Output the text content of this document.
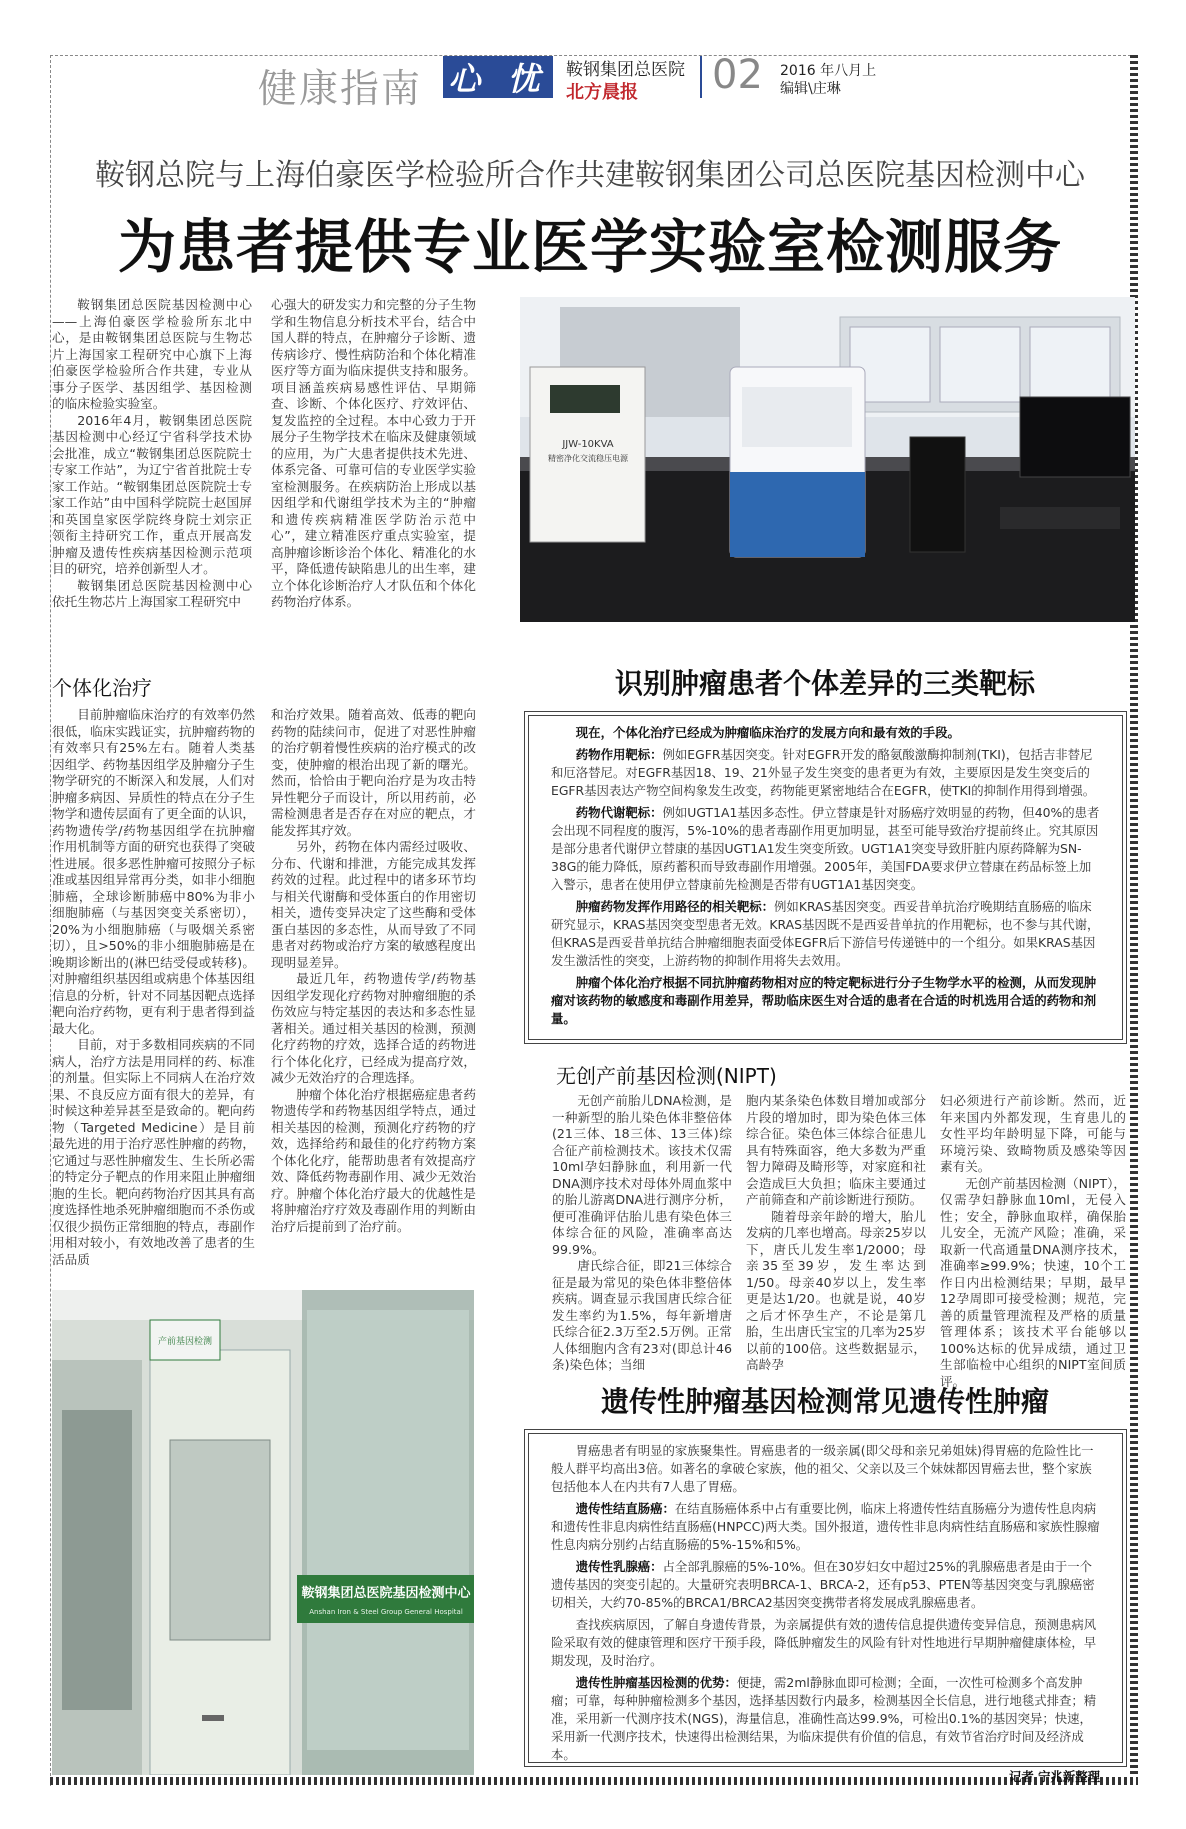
健康指南 心 忧 鞍钢集团总医院
北方晨报 02 2016 年八月上
编辑\庄琳
鞍钢总院与上海伯豪医学检验所合作共建鞍钢集团公司总医院基因检测中心
为患者提供专业医学实验室检测服务

鞍钢集团总医院基因检测中心——上海伯豪医学检验所东北中心，是由鞍钢集团总医院与生物芯片上海国家工程研究中心旗下上海伯豪医学检验所合作共建，专业从事分子医学、基因组学、基因检测的临床检验实验室。

2016年4月，鞍钢集团总医院基因检测中心经辽宁省科学技术协会批准，成立“鞍钢集团总医院院士专家工作站”，为辽宁省首批院士专家工作站。“鞍钢集团总医院院士专家工作站”由中国科学院院士赵国屏和英国皇家医学院终身院士刘宗正领衔主持研究工作，重点开展高发肿瘤及遗传性疾病基因检测示范项目的研究，培养创新型人才。

鞍钢集团总医院基因检测中心依托生物芯片上海国家工程研究中

心强大的研发实力和完整的分子生物学和生物信息分析技术平台，结合中国人群的特点，在肿瘤分子诊断、遗传病诊疗、慢性病防治和个体化精准医疗等方面为临床提供支持和服务。项目涵盖疾病易感性评估、早期筛查、诊断、个体化医疗、疗效评估、复发监控的全过程。本中心致力于开展分子生物学技术在临床及健康领域的应用，为广大患者提供技术先进、体系完备、可靠可信的专业医学实验室检测服务。在疾病防治上形成以基因组学和代谢组学技术为主的“肿瘤和遗传疾病精准医学防治示范中心”，建立精准医疗重点实验室，提高肿瘤诊断诊治个体化、精准化的水平，降低遗传缺陷患儿的出生率，建立个体化诊断治疗人才队伍和个体化药物治疗体系。

JJW-10KVA
精密净化交流稳压电源
个体化治疗

目前肿瘤临床治疗的有效率仍然很低，临床实践证实，抗肿瘤药物的有效率只有25%左右。随着人类基因组学、药物基因组学及肿瘤分子生物学研究的不断深入和发展，人们对肿瘤多病因、异质性的特点在分子生物学和遗传层面有了更全面的认识，药物遗传学/药物基因组学在抗肿瘤作用机制等方面的研究也获得了突破性进展。很多恶性肿瘤可按照分子标准或基因组异常再分类，如非小细胞肺癌，全球诊断肺癌中80%为非小细胞肺癌（与基因突变关系密切），20%为小细胞肺癌（与吸烟关系密切），且>50%的非小细胞肺癌是在晚期诊断出的(淋巴结受侵或转移)。对肿瘤组织基因组或病患个体基因组信息的分析，针对不同基因靶点选择靶向治疗药物，更有利于患者得到益最大化。

目前，对于多数相同疾病的不同病人，治疗方法是用同样的药、标准的剂量。但实际上不同病人在治疗效果、不良反应方面有很大的差异，有时候这种差异甚至是致命的。靶向药物（Targeted Medicine）是目前最先进的用于治疗恶性肿瘤的药物，它通过与恶性肿瘤发生、生长所必需的特定分子靶点的作用来阻止肿瘤细胞的生长。靶向药物治疗因其具有高度选择性地杀死肿瘤细胞而不杀伤或仅很少损伤正常细胞的特点，毒副作用相对较小，有效地改善了患者的生活品质

和治疗效果。随着高效、低毒的靶向药物的陆续问市，促进了对恶性肿瘤的治疗朝着慢性疾病的治疗模式的改变，使肿瘤的根治出现了新的曙光。然而，恰恰由于靶向治疗是为攻击特异性靶分子而设计，所以用药前，必需检测患者是否存在对应的靶点，才能发挥其疗效。

另外，药物在体内需经过吸收、分布、代谢和排泄，方能完成其发挥药效的过程。此过程中的诸多环节均与相关代谢酶和受体蛋白的作用密切相关，遗传变异决定了这些酶和受体蛋白基因的多态性，从而导致了不同患者对药物或治疗方案的敏感程度出现明显差异。

最近几年，药物遗传学/药物基因组学发现化疗药物对肿瘤细胞的杀伤效应与特定基因的表达和多态性显著相关。通过相关基因的检测，预测化疗药物的疗效，选择合适的药物进行个体化化疗，已经成为提高疗效，减少无效治疗的合理选择。

肿瘤个体化治疗根据癌症患者药物遗传学和药物基因组学特点，通过相关基因的检测，预测化疗药物的疗效，选择给药和最佳的化疗药物方案个体化化疗，能帮助患者有效提高疗效、降低药物毒副作用、减少无效治疗。肿瘤个体化治疗最大的优越性是将肿瘤治疗疗效及毒副作用的判断由治疗后提前到了治疗前。

识别肿瘤患者个体差异的三类靶标

现在，个体化治疗已经成为肿瘤临床治疗的发展方向和最有效的手段。

药物作用靶标：例如EGFR基因突变。针对EGFR开发的酪氨酸激酶抑制剂(TKI)，包括吉非替尼和厄洛替尼。对EGFR基因18、19、21外显子发生突变的患者更为有效，主要原因是发生突变后的EGFR基因表达产物空间构象发生改变，药物能更紧密地结合在EGFR，使TKI的抑制作用得到增强。

药物代谢靶标：例如UGT1A1基因多态性。伊立替康是针对肠癌疗效明显的药物，但40%的患者会出现不同程度的腹泻，5%-10%的患者毒副作用更加明显，甚至可能导致治疗提前终止。究其原因是部分患者代谢伊立替康的基因UGT1A1发生突变所致。UGT1A1突变导致肝脏内原药降解为SN-38G的能力降低，原药蓄积而导致毒副作用增强。2005年，美国FDA要求伊立替康在药品标签上加入警示，患者在使用伊立替康前先检测是否带有UGT1A1基因突变。

肿瘤药物发挥作用路径的相关靶标：例如KRAS基因突变。西妥昔单抗治疗晚期结直肠癌的临床研究显示，KRAS基因突变型患者无效。KRAS基因既不是西妥昔单抗的作用靶标，也不参与其代谢，但KRAS是西妥昔单抗结合肿瘤细胞表面受体EGFR后下游信号传递链中的一个组分。如果KRAS基因发生激活性的突变，上游药物的抑制作用将失去效用。

肿瘤个体化治疗根据不同抗肿瘤药物相对应的特定靶标进行分子生物学水平的检测，从而发现肿瘤对该药物的敏感度和毒副作用差异，帮助临床医生对合适的患者在合适的时机选用合适的药物和剂量。

无创产前基因检测(NIPT)

无创产前胎儿DNA检测，是一种新型的胎儿染色体非整倍体(21三体、18三体、13三体)综合征产前检测技术。该技术仅需10ml孕妇静脉血，利用新一代DNA测序技术对母体外周血浆中的胎儿游离DNA进行测序分析，便可准确评估胎儿患有染色体三体综合征的风险，准确率高达99.9%。

唐氏综合征，即21三体综合征是最为常见的染色体非整倍体疾病。调查显示我国唐氏综合征发生率约为1.5%，每年新增唐氏综合征2.3万至2.5万例。正常人体细胞内含有23对(即总计46条)染色体；当细

胞内某条染色体数目增加或部分片段的增加时，即为染色体三体综合征。染色体三体综合征患儿具有特殊面容，绝大多数为严重智力障碍及畸形等，对家庭和社会造成巨大负担；临床主要通过产前筛查和产前诊断进行预防。

随着母亲年龄的增大，胎儿发病的几率也增高。母亲25岁以下，唐氏儿发生率1/2000；母亲35至39岁，发生率达到1/50。母亲40岁以上，发生率更是达1/20。也就是说，40岁之后才怀孕生产，不论是第几胎，生出唐氏宝宝的几率为25岁以前的100倍。这些数据显示，高龄孕

妇必须进行产前诊断。然而，近年来国内外都发现，生育患儿的女性平均年龄明显下降，可能与环境污染、致畸物质及感染等因素有关。

无创产前基因检测（NIPT），仅需孕妇静脉血10ml，无侵入性；安全，静脉血取样，确保胎儿安全，无流产风险；准确，采取新一代高通量DNA测序技术，准确率≥99.9%；快速，10个工作日内出检测结果；早期，最早12孕周即可接受检测；规范，完善的质量管理流程及严格的质量管理体系；该技术平台能够以100%达标的优异成绩，通过卫生部临检中心组织的NIPT室间质评。

产前基因检测
鞍钢集团总医院基因检测中心
Anshan Iron & Steel Group General Hospital
遗传性肿瘤基因检测常见遗传性肿瘤

胃癌患者有明显的家族聚集性。胃癌患者的一级亲属(即父母和亲兄弟姐妹)得胃癌的危险性比一般人群平均高出3倍。如著名的拿破仑家族，他的祖父、父亲以及三个妹妹都因胃癌去世，整个家族包括他本人在内共有7人患了胃癌。

遗传性结直肠癌：在结直肠癌体系中占有重要比例，临床上将遗传性结直肠癌分为遗传性息肉病和遗传性非息肉病性结直肠癌(HNPCC)两大类。国外报道，遗传性非息肉病性结直肠癌和家族性腺瘤性息肉病分别约占结直肠癌的5%-15%和5%。

遗传性乳腺癌：占全部乳腺癌的5%-10%。但在30岁妇女中超过25%的乳腺癌患者是由于一个遗传基因的突变引起的。大量研究表明BRCA-1、BRCA-2，还有p53、PTEN等基因突变与乳腺癌密切相关，大约70-85%的BRCA1/BRCA2基因突变携带者将发展成乳腺癌患者。

查找疾病原因，了解自身遗传背景，为亲属提供有效的遗传信息提供遗传变异信息，预测患病风险采取有效的健康管理和医疗干预手段，降低肿瘤发生的风险有针对性地进行早期肿瘤健康体检，早期发现，及时治疗。

遗传性肿瘤基因检测的优势：便捷，需2ml静脉血即可检测；全面，一次性可检测多个高发肿瘤；可靠，每种肿瘤检测多个基因，选择基因数行内最多，检测基因全长信息，进行地毯式排查；精准，采用新一代测序技术(NGS)，海量信息，准确性高达99.9%，可检出0.1%的基因突异；快速，采用新一代测序技术，快速得出检测结果，为临床提供有价值的信息，有效节省治疗时间及经济成本。

记者 宁兆新整理
